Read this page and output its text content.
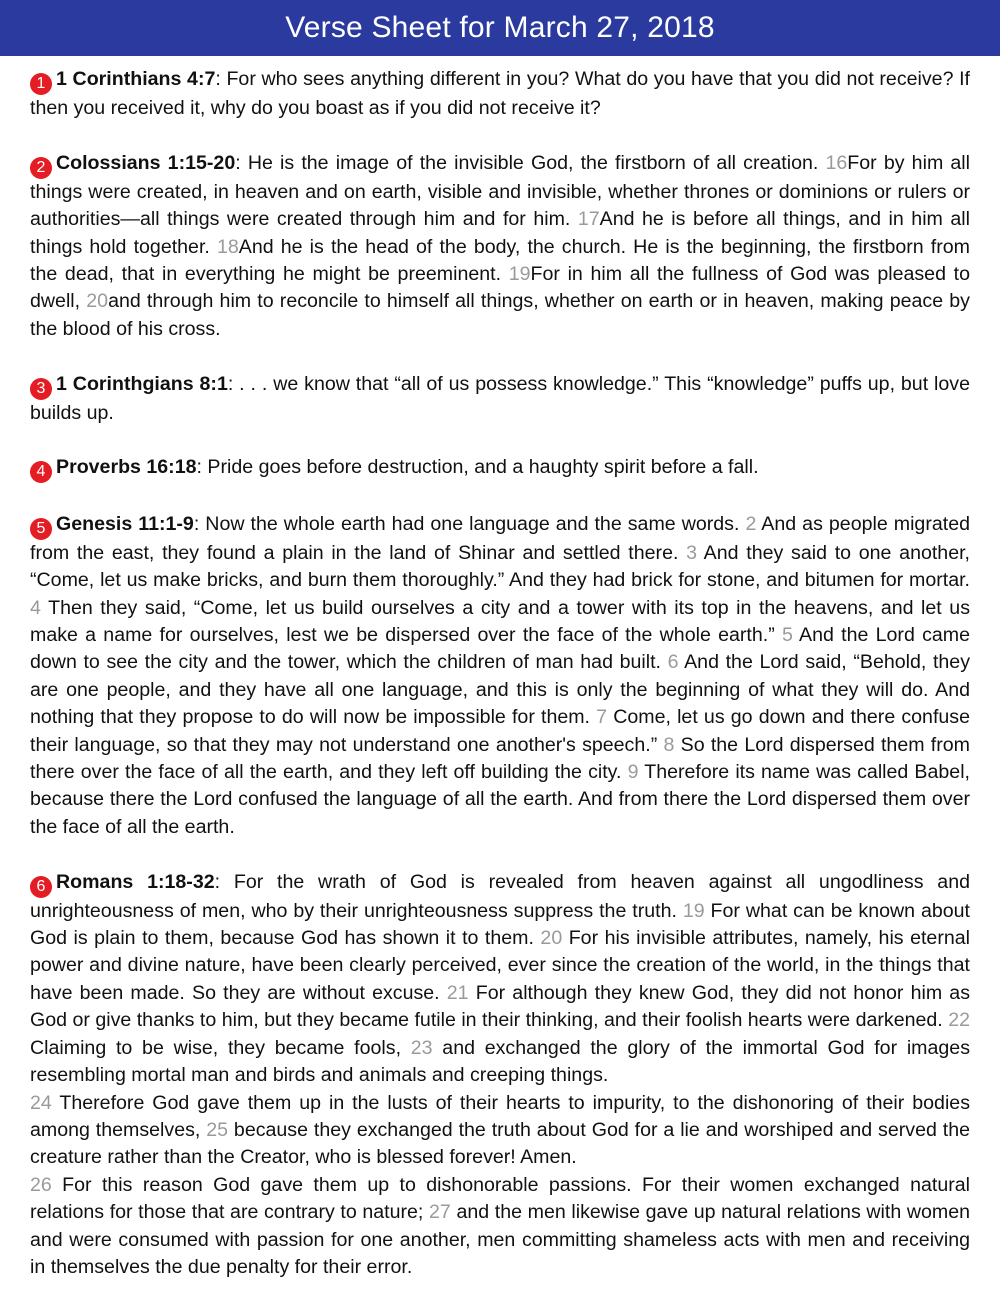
Verse Sheet for March 27, 2018

1 1 Corinthians 4:7: For who sees anything different in you? What do you have that you did not receive? If then you received it, why do you boast as if you did not receive it?

2 Colossians 1:15-20: He is the image of the invisible God, the firstborn of all creation. 16For by him all things were created, in heaven and on earth, visible and invisible, whether thrones or dominions or rulers or authorities—all things were created through him and for him. 17And he is before all things, and in him all things hold together. 18And he is the head of the body, the church. He is the beginning, the firstborn from the dead, that in everything he might be preeminent. 19For in him all the fullness of God was pleased to dwell, 20and through him to reconcile to himself all things, whether on earth or in heaven, making peace by the blood of his cross.

3 1 Corinthgians 8:1: . . . we know that “all of us possess knowledge.” This “knowledge” puffs up, but love builds up.

4 Proverbs 16:18: Pride goes before destruction, and a haughty spirit before a fall.

5 Genesis 11:1-9: Now the whole earth had one language and the same words. 2 And as people migrated from the east, they found a plain in the land of Shinar and settled there. 3 And they said to one another, “Come, let us make bricks, and burn them thoroughly.” And they had brick for stone, and bitumen for mortar. 4 Then they said, “Come, let us build ourselves a city and a tower with its top in the heavens, and let us make a name for ourselves, lest we be dispersed over the face of the whole earth.” 5 And the Lord came down to see the city and the tower, which the children of man had built. 6 And the Lord said, “Behold, they are one people, and they have all one language, and this is only the beginning of what they will do. And nothing that they propose to do will now be impossible for them. 7 Come, let us go down and there confuse their language, so that they may not understand one another's speech.” 8 So the Lord dispersed them from there over the face of all the earth, and they left off building the city. 9 Therefore its name was called Babel, because there the Lord confused the language of all the earth. And from there the Lord dispersed them over the face of all the earth.

6 Romans 1:18-32: For the wrath of God is revealed from heaven against all ungodliness and unrighteousness of men, who by their unrighteousness suppress the truth. 19 For what can be known about God is plain to them, because God has shown it to them. 20 For his invisible attributes, namely, his eternal power and divine nature, have been clearly perceived, ever since the creation of the world, in the things that have been made. So they are without excuse. 21 For although they knew God, they did not honor him as God or give thanks to him, but they became futile in their thinking, and their foolish hearts were darkened. 22 Claiming to be wise, they became fools, 23 and exchanged the glory of the immortal God for images resembling mortal man and birds and animals and creeping things.
24 Therefore God gave them up in the lusts of their hearts to impurity, to the dishonoring of their bodies among themselves, 25 because they exchanged the truth about God for a lie and worshiped and served the creature rather than the Creator, who is blessed forever! Amen.
26 For this reason God gave them up to dishonorable passions. For their women exchanged natural relations for those that are contrary to nature; 27 and the men likewise gave up natural relations with women and were consumed with passion for one another, men committing shameless acts with men and receiving in themselves the due penalty for their error.
